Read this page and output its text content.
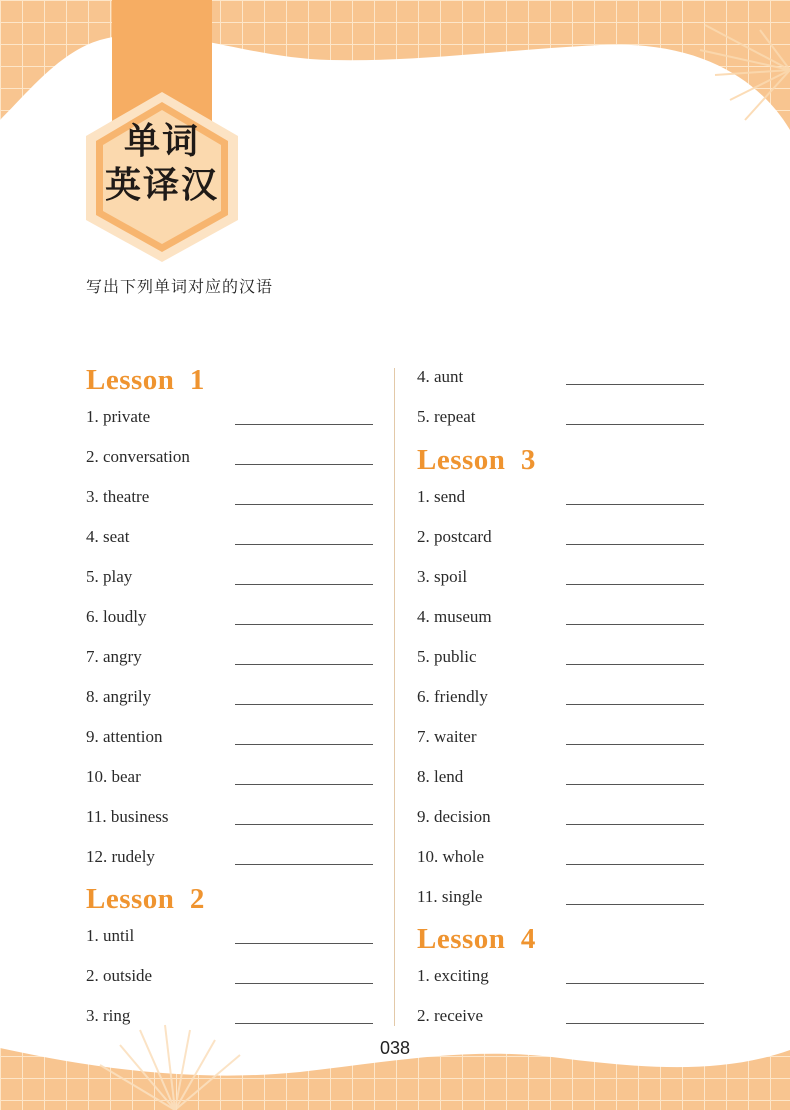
单词
英译汉
写出下列单词对应的汉语
Lesson  1
1. private
2. conversation
3. theatre
4. seat
5. play
6. loudly
7. angry
8. angrily
9. attention
10. bear
11. business
12. rudely
Lesson  2
1. until
2. outside
3. ring
4. aunt
5. repeat
Lesson  3
1. send
2. postcard
3. spoil
4. museum
5. public
6. friendly
7. waiter
8. lend
9. decision
10. whole
11. single
Lesson  4
1. exciting
2. receive
038
